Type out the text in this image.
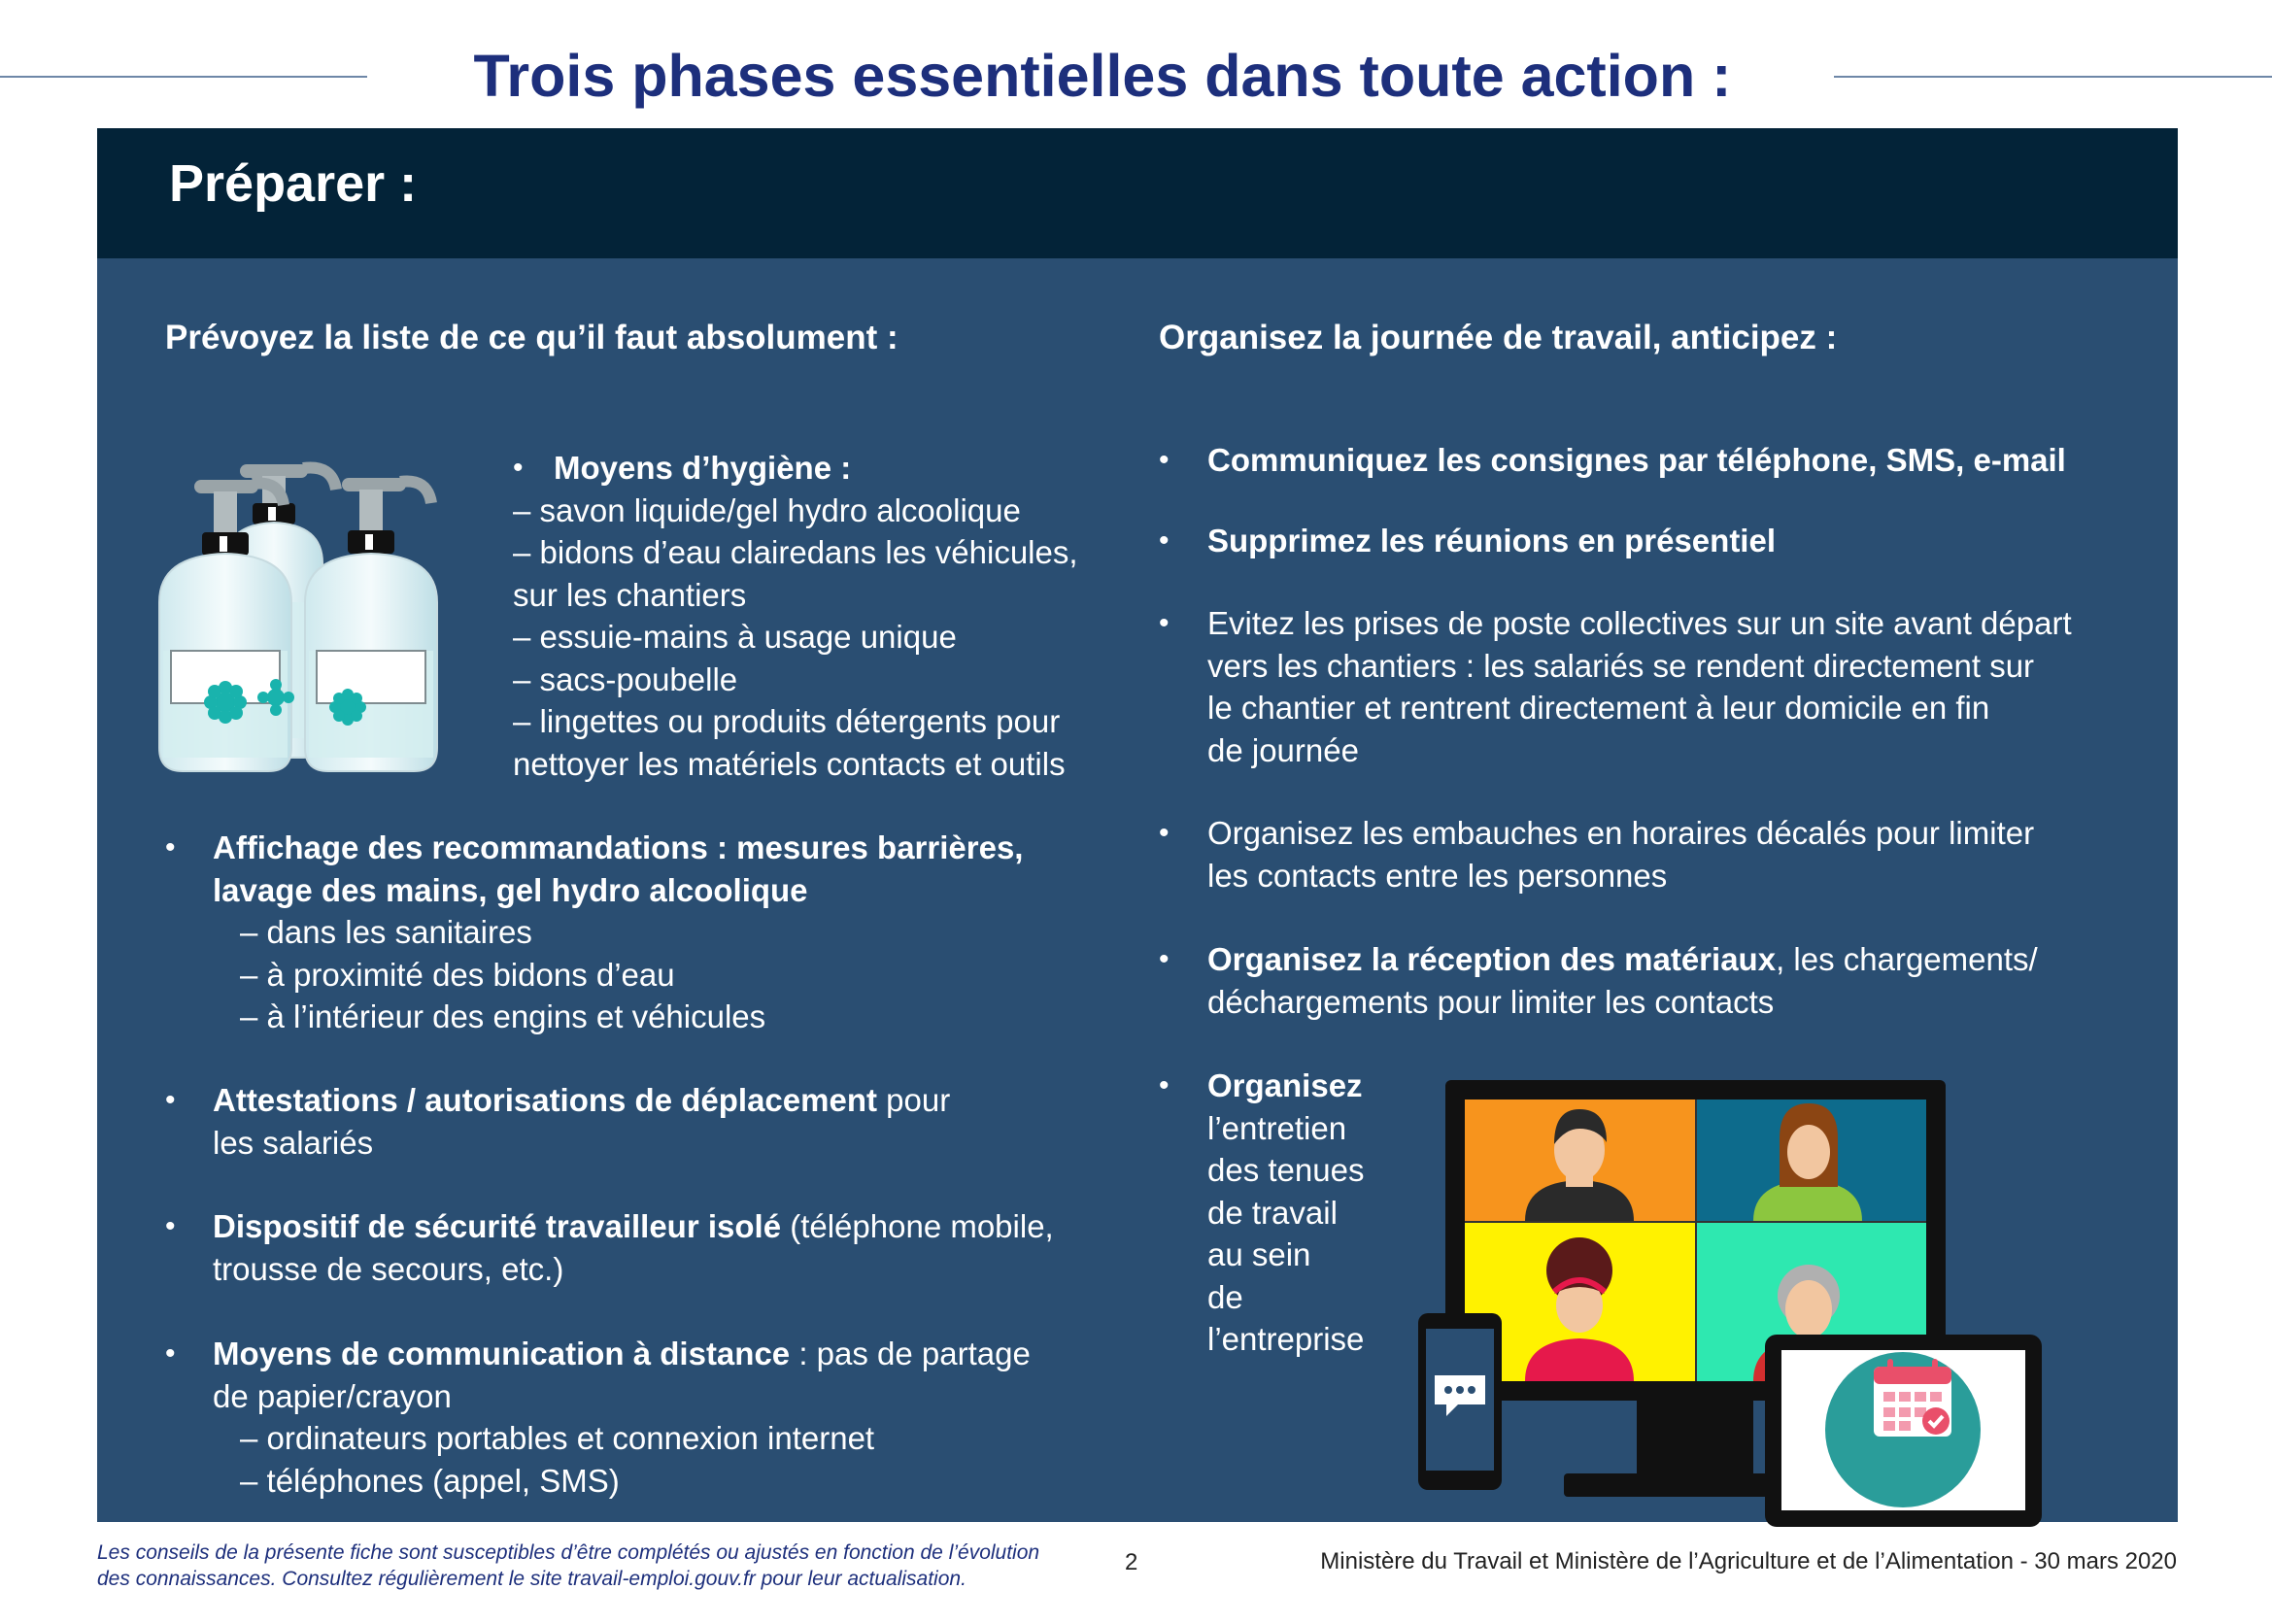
Trois phases essentielles dans toute action :
Préparer :
Prévoyez la liste de ce qu’il faut absolument :
• Moyens d’hygiène :

– savon liquide/gel hydro alcoolique

– bidons d’eau clairedans les véhicules,

sur les chantiers

– essuie-mains à usage unique

– sacs-poubelle

– lingettes ou produits détergents pour

nettoyer les matériels contacts et outils

• Affichage des recommandations : mesures barrières,

lavage des mains, gel hydro alcoolique

– dans les sanitaires

– à proximité des bidons d’eau

– à l’intérieur des engins et véhicules

• Attestations / autorisations de déplacement pour

les salariés

• Dispositif de sécurité travailleur isolé (téléphone mobile,

trousse de secours, etc.)

• Moyens de communication à distance : pas de partage

de papier/crayon

– ordinateurs portables et connexion internet

– téléphones (appel, SMS)

Organisez la journée de travail, anticipez :
• Communiquez les consignes par téléphone, SMS, e-mail
• Supprimez les réunions en présentiel
• Evitez les prises de poste collectives sur un site avant départ

vers les chantiers : les salariés se rendent directement sur

le chantier et rentrent directement à leur domicile en fin

de journée

• Organisez les embauches en horaires décalés pour limiter

les contacts entre les personnes

• Organisez la réception des matériaux, les chargements/

déchargements pour limiter les contacts

• Organisez

l’entretien

des tenues

de travail

au sein

de

l’entreprise

Les conseils de la présente fiche sont susceptibles d’être complétés ou ajustés en fonction de l’évolution
des connaissances. Consultez régulièrement le site travail-emploi.gouv.fr pour leur actualisation.
2	Ministère du Travail et Ministère de l’Agriculture et de l’Alimentation - 30 mars 2020
